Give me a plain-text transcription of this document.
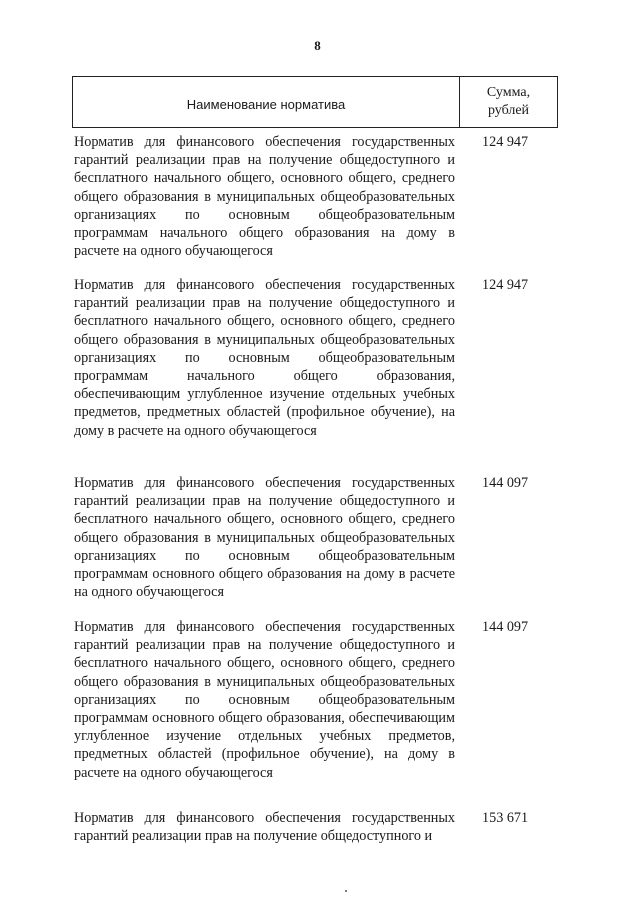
8
Наименование норматива
Сумма,
рублей
Норматив для финансового обеспечения государственных гарантий реализации прав на получение общедоступного и бесплатного начального общего, основного общего, среднего общего образования в муниципальных общеобразовательных организациях по основным общеобразовательным программам начального общего образования на дому в расчете на одного обучающегося
124 947
Норматив для финансового обеспечения государственных гарантий реализации прав на получение общедоступного и бесплатного начального общего, основного общего, среднего общего образования в муниципальных общеобразовательных организациях по основным общеобразовательным программам начального общего образования, обеспечивающим углубленное изучение отдельных учебных предметов, предметных областей (профильное обучение), на дому в расчете на одного обучающегося
124 947
Норматив для финансового обеспечения государственных гарантий реализации прав на получение общедоступного и бесплатного начального общего, основного общего, среднего общего образования в муниципальных общеобразовательных организациях по основным общеобразовательным программам основного общего образования на дому в расчете на одного обучающегося
144 097
Норматив для финансового обеспечения государственных гарантий реализации прав на получение общедоступного и бесплатного начального общего, основного общего, среднего общего образования в муниципальных общеобразовательных организациях по основным общеобразовательным программам основного общего образования, обеспечивающим углубленное изучение отдельных учебных предметов, предметных областей (профильное обучение), на дому в расчете на одного обучающегося
144 097
Норматив для финансового обеспечения государственных гарантий реализации прав на получение общедоступного и
153 671
